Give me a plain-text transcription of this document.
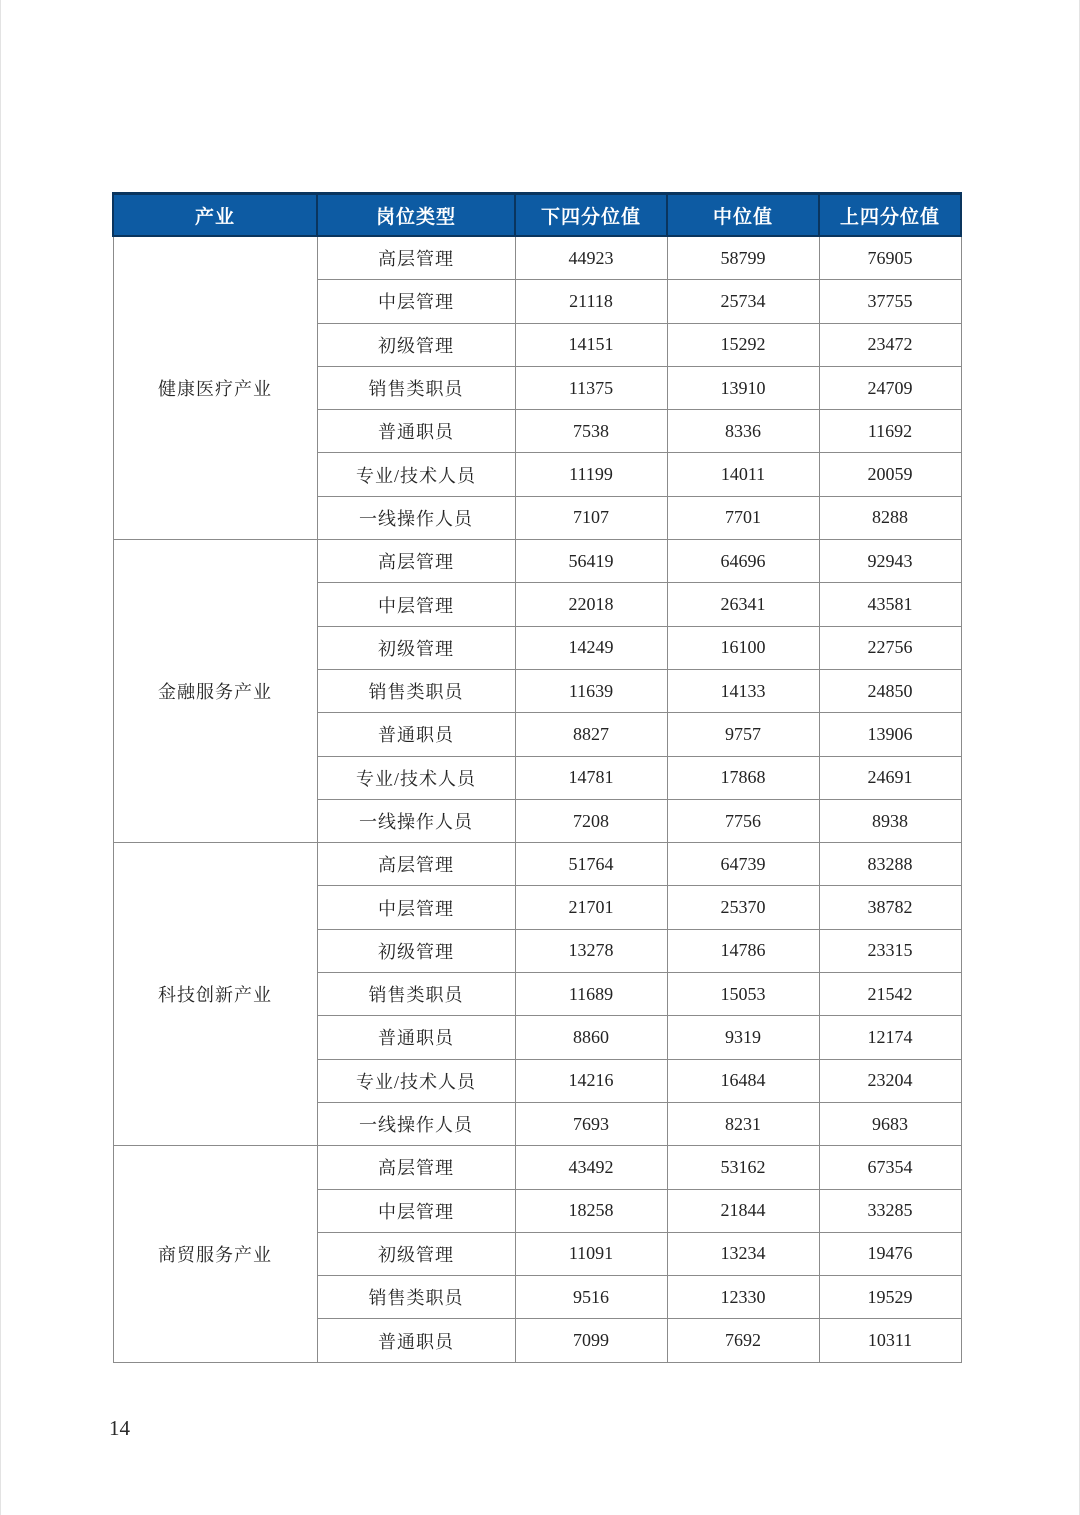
产业	岗位类型	下四分位值	中位值	上四分位值
健康医疗产业	高层管理	44923	58799	76905
	中层管理	21118	25734	37755
	初级管理	14151	15292	23472
	销售类职员	11375	13910	24709
	普通职员	7538	8336	11692
	专业/技术人员	11199	14011	20059
	一线操作人员	7107	7701	8288
金融服务产业	高层管理	56419	64696	92943
	中层管理	22018	26341	43581
	初级管理	14249	16100	22756
	销售类职员	11639	14133	24850
	普通职员	8827	9757	13906
	专业/技术人员	14781	17868	24691
	一线操作人员	7208	7756	8938
科技创新产业	高层管理	51764	64739	83288
	中层管理	21701	25370	38782
	初级管理	13278	14786	23315
	销售类职员	11689	15053	21542
	普通职员	8860	9319	12174
	专业/技术人员	14216	16484	23204
	一线操作人员	7693	8231	9683
商贸服务产业	高层管理	43492	53162	67354
	中层管理	18258	21844	33285
	初级管理	11091	13234	19476
	销售类职员	9516	12330	19529
	普通职员	7099	7692	10311
14
